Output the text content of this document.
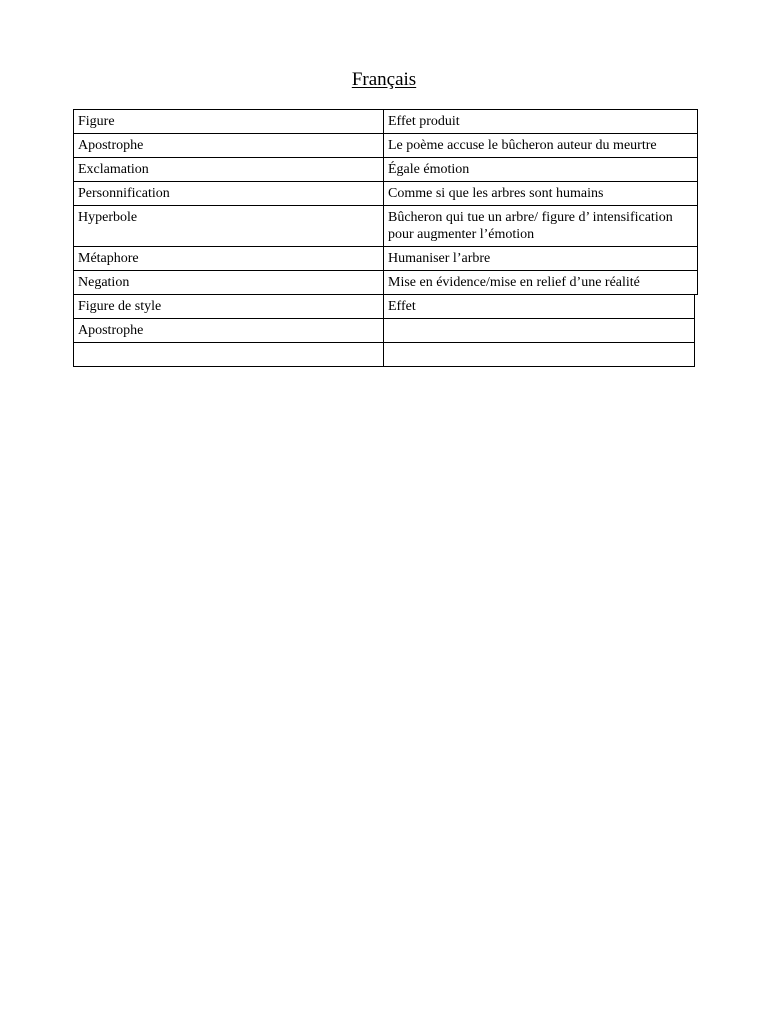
Français
Figure	Effet produit
Apostrophe	Le poème accuse le bûcheron auteur du meurtre
Exclamation	Égale émotion
Personnification	Comme si que les arbres sont humains
Hyperbole	Bûcheron qui tue un arbre/ figure d’ intensification pour augmenter l’émotion
Métaphore	Humaniser l’arbre
Negation	Mise en évidence/mise en relief d’une réalité
Figure de style	Effet
Apostrophe	
